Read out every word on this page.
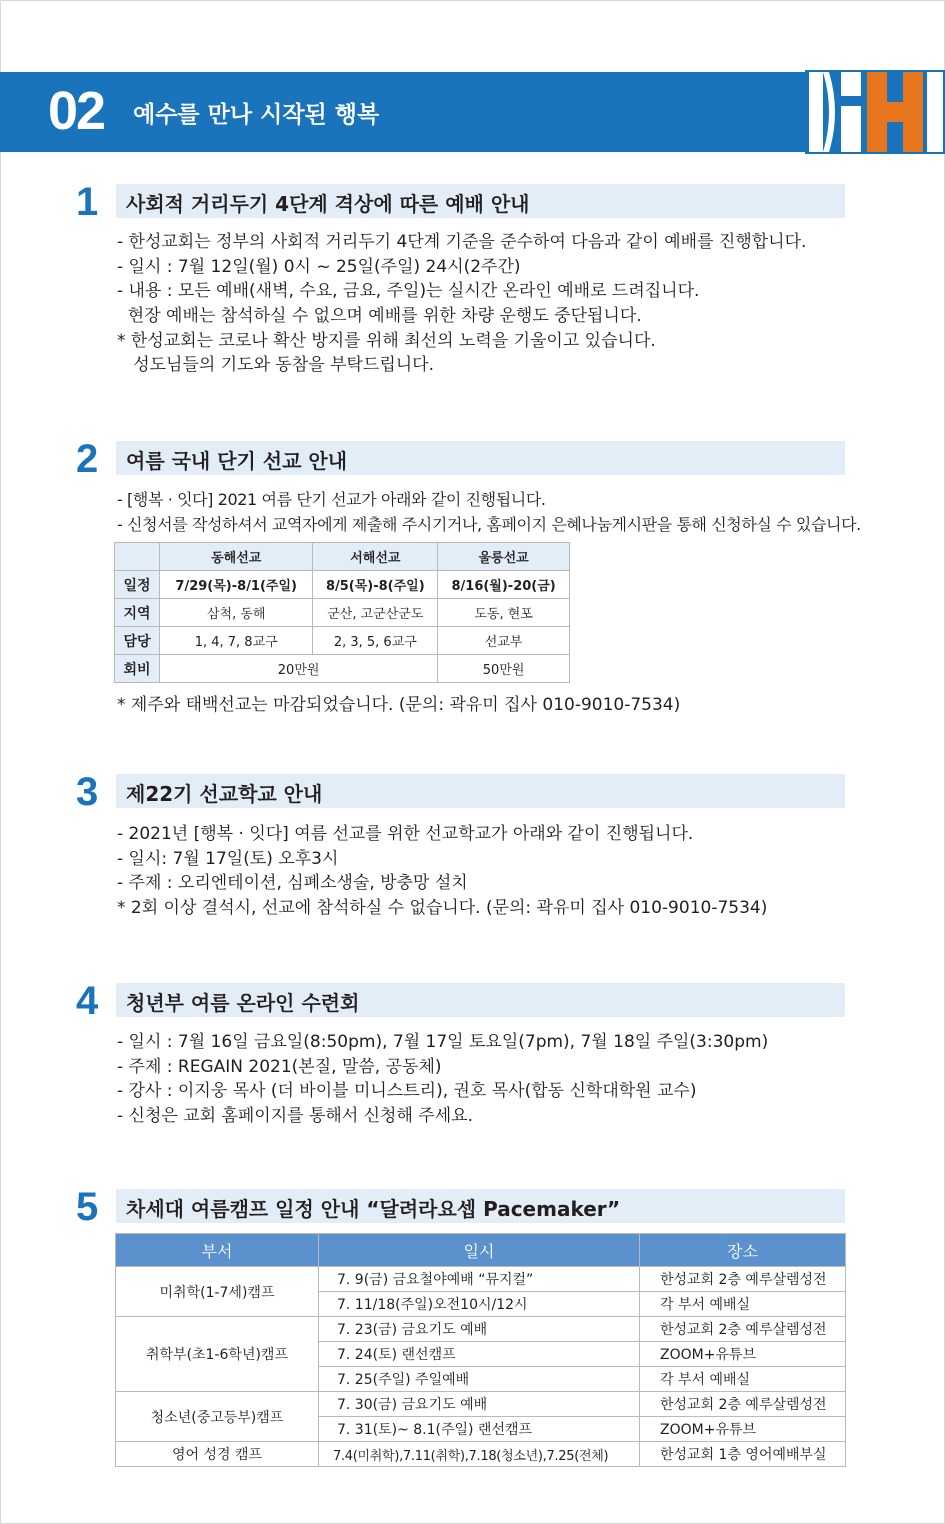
02 예수를 만나 시작된 행복
1 사회적 거리두기 4단계 격상에 따른 예배 안내
- 한성교회는 정부의 사회적 거리두기 4단계 기준을 준수하여 다음과 같이 예배를 진행합니다.
- 일시 : 7월 12일(월) 0시 ~ 25일(주일) 24시(2주간)
- 내용 : 모든 예배(새벽, 수요, 금요, 주일)는 실시간 온라인 예배로 드려집니다.
현장 예배는 참석하실 수 없으며 예배를 위한 차량 운행도 중단됩니다.
* 한성교회는 코로나 확산 방지를 위해 최선의 노력을 기울이고 있습니다.
성도님들의 기도와 동참을 부탁드립니다.
2 여름 국내 단기 선교 안내
- [행복 · 잇다] 2021 여름 단기 선교가 아래와 같이 진행됩니다.
- 신청서를 작성하셔서 교역자에게 제출해 주시기거나, 홈페이지 은혜나눔게시판을 통해 신청하실 수 있습니다.
	동해선교	서해선교	울릉선교
일정	7/29(목)-8/1(주일)	8/5(목)-8(주일)	8/16(월)-20(금)
지역	삼척, 동해	군산, 고군산군도	도동, 현포
담당	1, 4, 7, 8교구	2, 3, 5, 6교구	선교부
회비	20만원		50만원
* 제주와 태백선교는 마감되었습니다. (문의: 곽유미 집사 010-9010-7534)
3 제22기 선교학교 안내
- 2021년 [행복 · 잇다] 여름 선교를 위한 선교학교가 아래와 같이 진행됩니다.
- 일시: 7월 17일(토) 오후3시
- 주제 : 오리엔테이션, 심폐소생술, 방충망 설치
* 2회 이상 결석시, 선교에 참석하실 수 없습니다. (문의: 곽유미 집사 010-9010-7534)
4 청년부 여름 온라인 수련회
- 일시 : 7월 16일 금요일(8:50pm), 7월 17일 토요일(7pm), 7월 18일 주일(3:30pm)
- 주제 : REGAIN 2021(본질, 말씀, 공동체)
- 강사 : 이지웅 목사 (더 바이블 미니스트리), 권호 목사(합동 신학대학원 교수)
- 신청은 교회 홈페이지를 통해서 신청해 주세요.
5 차세대 여름캠프 일정 안내 “달려라요셉 Pacemaker”
부서	일시	장소
미취학(1-7세)캠프	7. 9(금) 금요철야예배 “뮤지컬”	한성교회 2층 예루살렘성전
	7. 11/18(주일)오전10시/12시	각 부서 예배실
취학부(초1-6학년)캠프	7. 23(금) 금요기도 예배	한성교회 2층 예루살렘성전
	7. 24(토) 랜선캠프	ZOOM+유튜브
	7. 25(주일) 주일예배	각 부서 예배실
청소년(중고등부)캠프	7. 30(금) 금요기도 예배	한성교회 2층 예루살렘성전
	7. 31(토)~ 8.1(주일) 랜선캠프	ZOOM+유튜브
영어 성경 캠프	7.4(미취학),7.11(취학),7.18(청소년),7.25(전체)	한성교회 1층 영어예배부실
